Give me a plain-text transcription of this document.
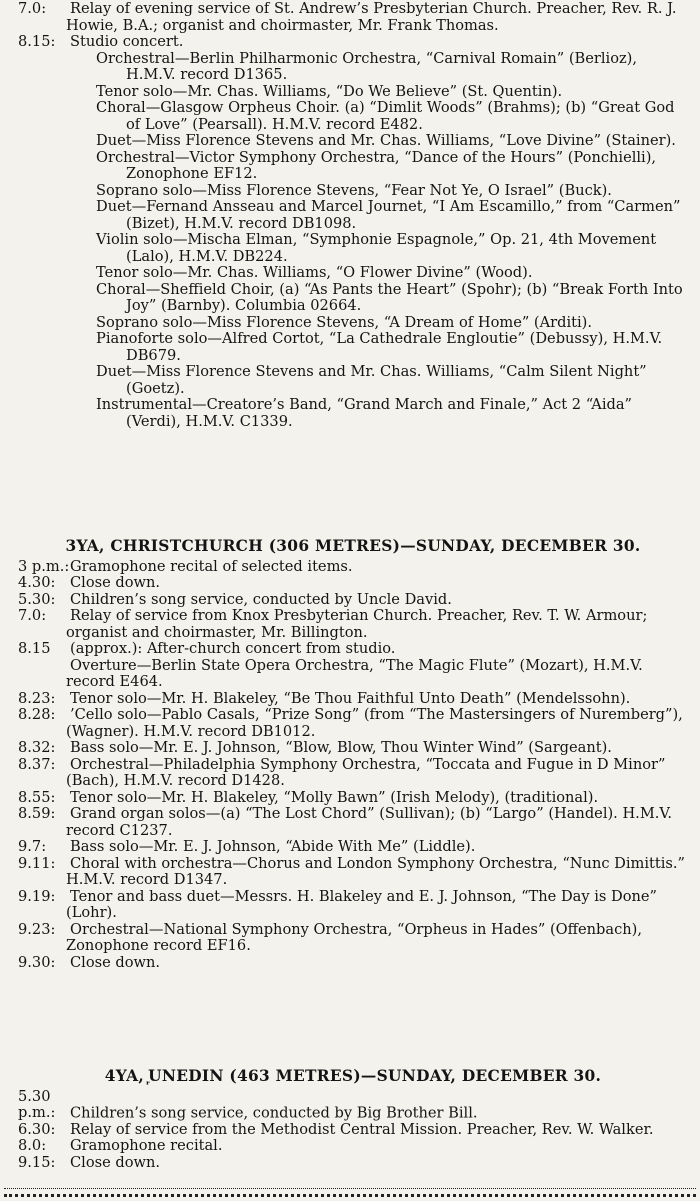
7.0: Relay of evening service of St. Andrew’s Presbyterian Church. Preacher, Rev. R. J. Howie, B.A.; organist and choirmaster, Mr. Frank Thomas.

8.15: Studio concert.

Orchestral—Berlin Philharmonic Orchestra, “Carnival Romain” (Berlioz), H.M.V. record D1365.

Tenor solo—Mr. Chas. Williams, “Do We Believe” (St. Quentin).

Choral—Glasgow Orpheus Choir. (a) “Dimlit Woods” (Brahms); (b) “Great God of Love” (Pearsall). H.M.V. record E482.

Duet—Miss Florence Stevens and Mr. Chas. Williams, “Love Divine” (Stainer).

Orchestral—Victor Symphony Orchestra, “Dance of the Hours” (Ponchielli), Zonophone EF12.

Soprano solo—Miss Florence Stevens, “Fear Not Ye, O Israel” (Buck).

Duet—Fernand Ansseau and Marcel Journet, “I Am Escamillo,” from “Carmen” (Bizet), H.M.V. record DB1098.

Violin solo—Mischa Elman, “Symphonie Espagnole,” Op. 21, 4th Movement (Lalo), H.M.V. DB224.

Tenor solo—Mr. Chas. Williams, “O Flower Divine” (Wood).

Choral—Sheffield Choir, (a) “As Pants the Heart” (Spohr); (b) “Break Forth Into Joy” (Barnby). Columbia 02664.

Soprano solo—Miss Florence Stevens, “A Dream of Home” (Arditi).

Pianoforte solo—Alfred Cortot, “La Cathedrale Engloutie” (Debussy), H.M.V. DB679.

Duet—Miss Florence Stevens and Mr. Chas. Williams, “Calm Silent Night” (Goetz).

Instrumental—Creatore’s Band, “Grand March and Finale,” Act 2 “Aida” (Verdi), H.M.V. C1339.

3YA, CHRISTCHURCH (306 METRES)—SUNDAY, DECEMBER 30.

3 p.m.:Gramophone recital of selected items.

4.30: Close down.

5.30: Children’s song service, conducted by Uncle David.

7.0: Relay of service from Knox Presbyterian Church. Preacher, Rev. T. W. Armour; organist and choirmaster, Mr. Billington.

8.15 (approx.): After-church concert from studio.

Overture—Berlin State Opera Orchestra, “The Magic Flute” (Mozart), H.M.V. record E464.

8.23: Tenor solo—Mr. H. Blakeley, “Be Thou Faithful Unto Death” (Mendelssohn).

8.28: ’Cello solo—Pablo Casals, “Prize Song” (from “The Mastersingers of Nuremberg”), (Wagner). H.M.V. record DB1012.

8.32: Bass solo—Mr. E. J. Johnson, “Blow, Blow, Thou Winter Wind” (Sargeant).

8.37: Orchestral—Philadelphia Symphony Orchestra, “Toccata and Fugue in D Minor” (Bach), H.M.V. record D1428.

8.55: Tenor solo—Mr. H. Blakeley, “Molly Bawn” (Irish Melody), (traditional).

8.59: Grand organ solos—(a) “The Lost Chord” (Sullivan); (b) “Largo” (Handel). H.M.V. record C1237.

9.7: Bass solo—Mr. E. J. Johnson, “Abide With Me” (Liddle).

9.11: Choral with orchestra—Chorus and London Symphony Orchestra, “Nunc Dimittis.” H.M.V. record D1347.

9.19: Tenor and bass duet—Messrs. H. Blakeley and E. J. Johnson, “The Day is Done” (Lohr).

9.23: Orchestral—National Symphony Orchestra, “Orpheus in Hades” (Offenbach), Zonophone record EF16.

9.30: Close down.

4YA, ᷊UNEDIN (463 METRES)—SUNDAY, DECEMBER 30.

5.30 p.m.: Children’s song service, conducted by Big Brother Bill.

6.30: Relay of service from the Methodist Central Mission. Preacher, Rev. W. Walker.

8.0: Gramophone recital.

9.15: Close down.
